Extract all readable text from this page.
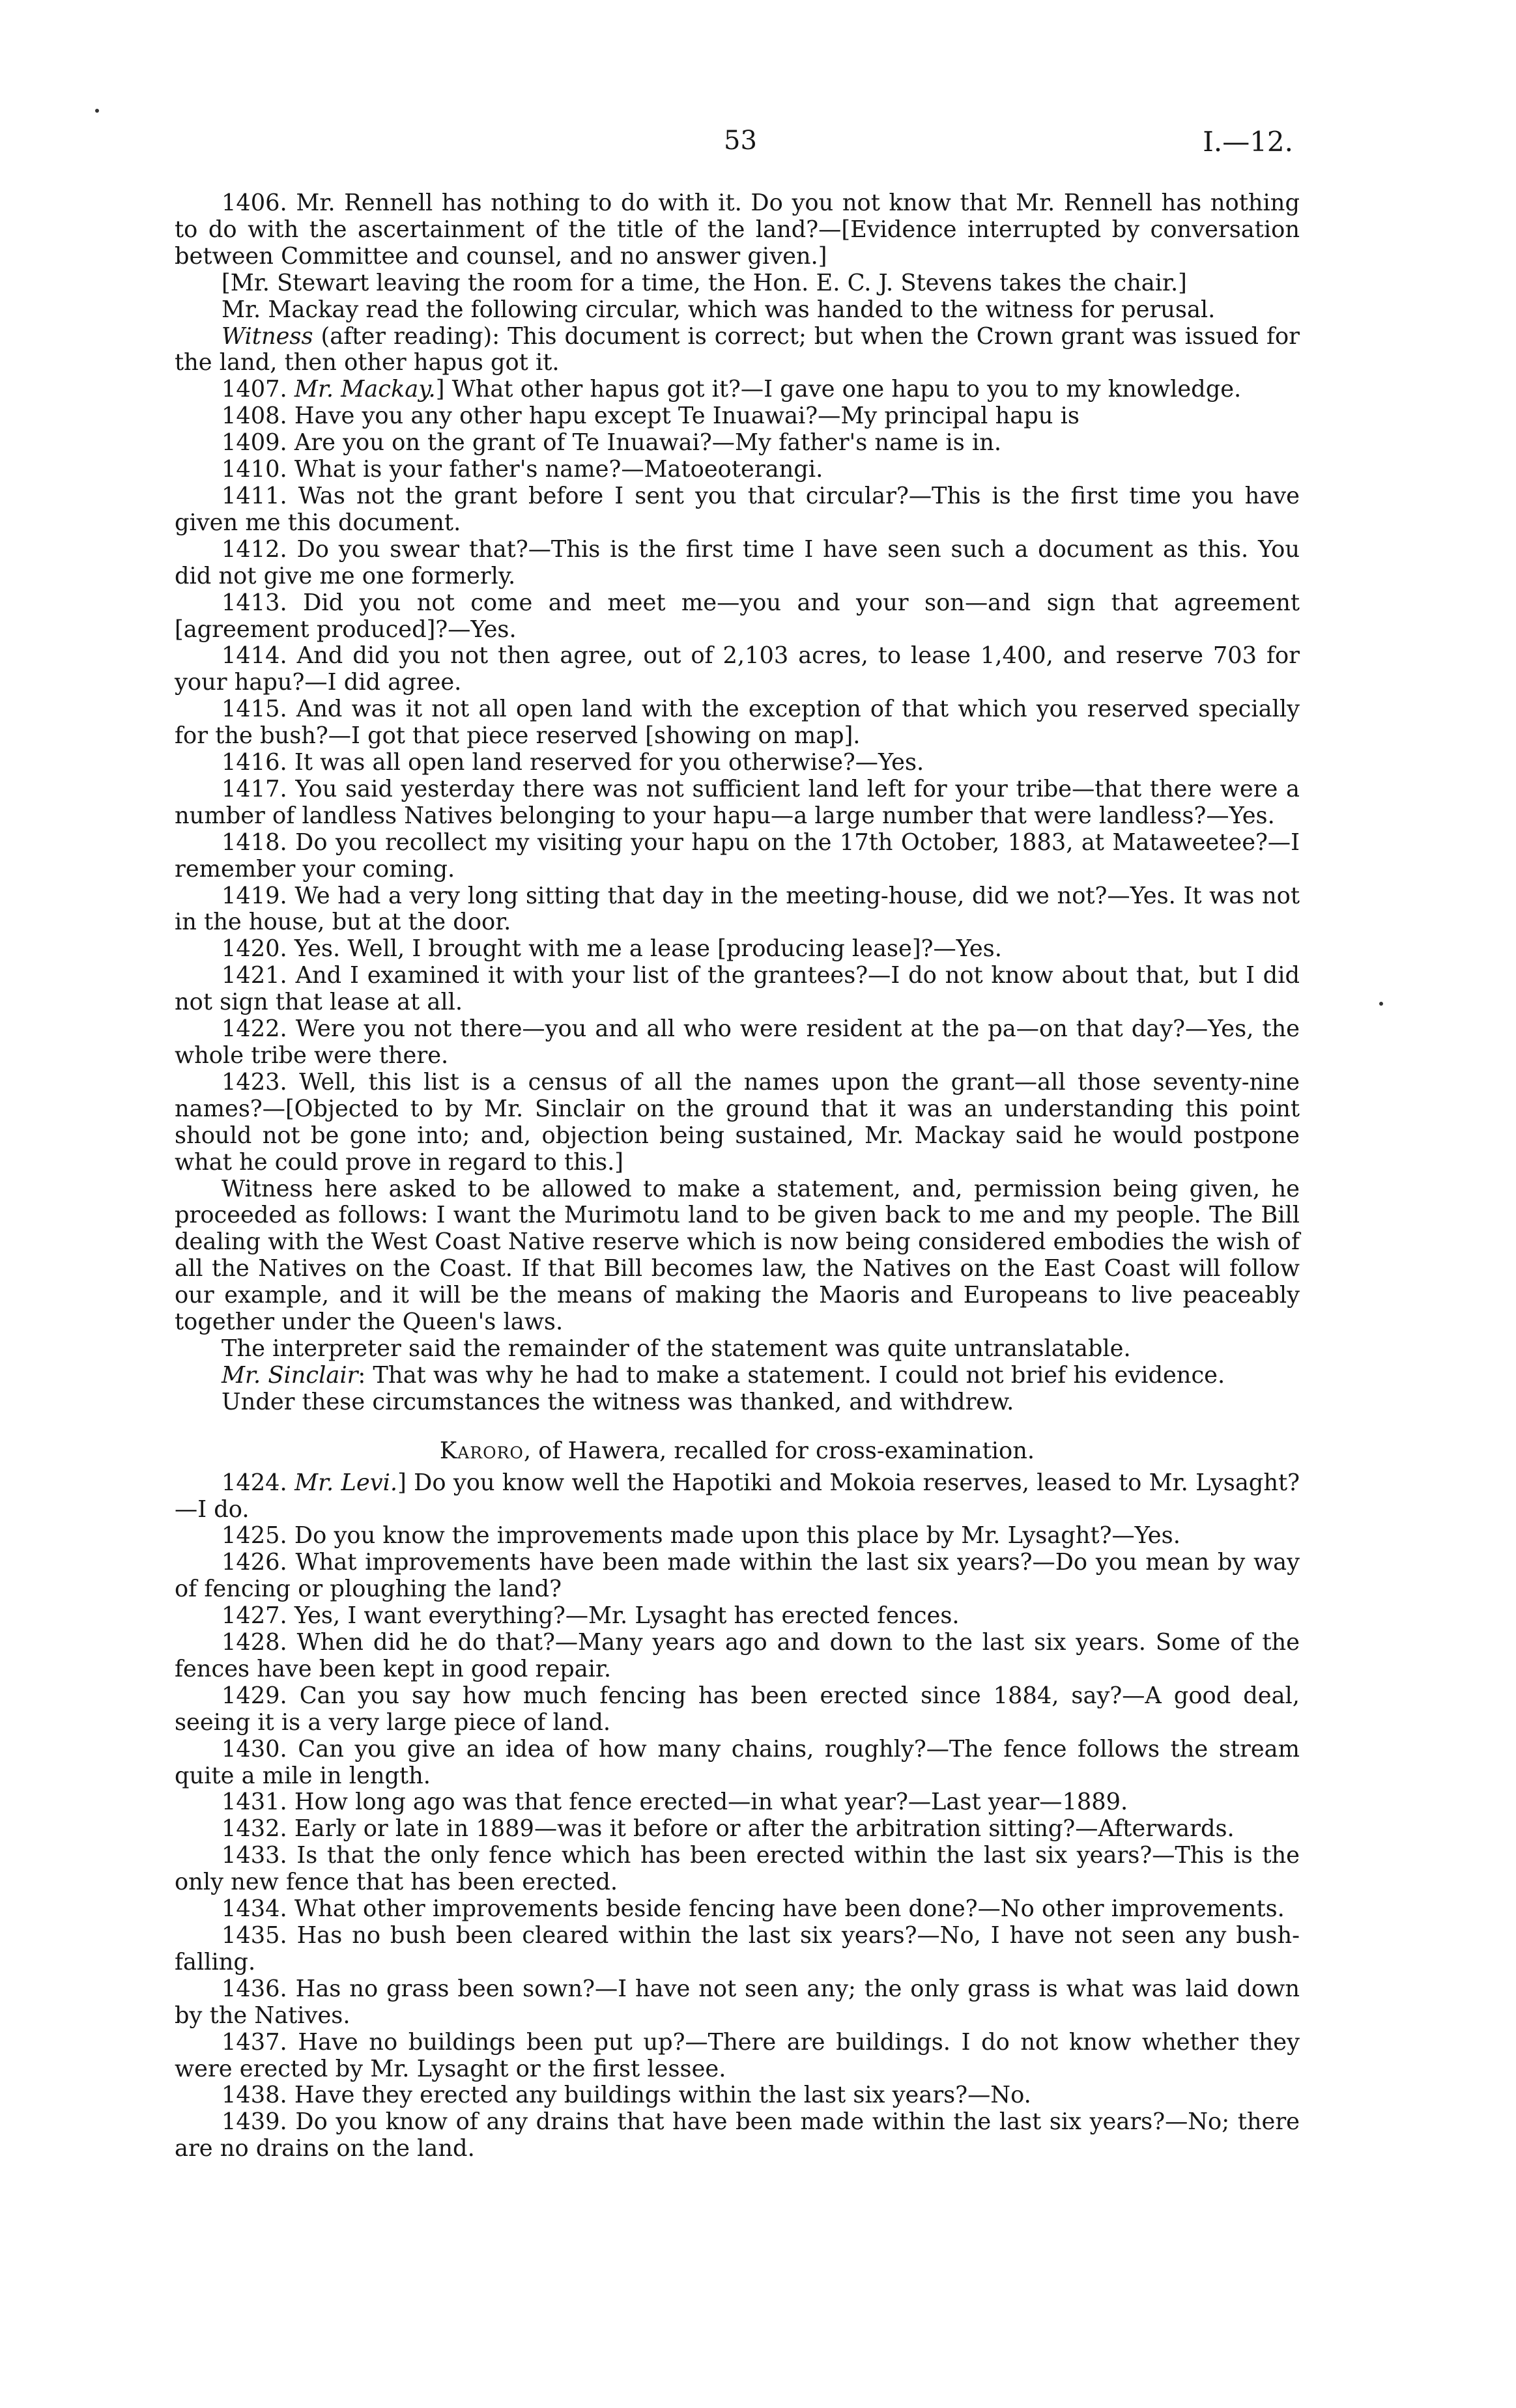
53	I.—12.

1406. Mr. Rennell has nothing to do with it. Do you not know that Mr. Rennell has nothing to do with the ascertainment of the title of the land?—[Evidence interrupted by conversation between Committee and counsel, and no answer given.]

[Mr. Stewart leaving the room for a time, the Hon. E. C. J. Stevens takes the chair.]

Mr. Mackay read the following circular, which was handed to the witness for perusal.

Witness (after reading): This document is correct; but when the Crown grant was issued for the land, then other hapus got it.

1407. Mr. Mackay.] What other hapus got it?—I gave one hapu to you to my knowledge.

1408. Have you any other hapu except Te Inuawai?—My principal hapu is

1409. Are you on the grant of Te Inuawai?—My father's name is in.

1410. What is your father's name?—Matoeoterangi.

1411. Was not the grant before I sent you that circular?—This is the first time you have given me this document.

1412. Do you swear that?—This is the first time I have seen such a document as this. You did not give me one formerly.

1413. Did you not come and meet me—you and your son—and sign that agreement [agreement produced]?—Yes.

1414. And did you not then agree, out of 2,103 acres, to lease 1,400, and reserve 703 for your hapu?—I did agree.

1415. And was it not all open land with the exception of that which you reserved specially for the bush?—I got that piece reserved [showing on map].

1416. It was all open land reserved for you otherwise?—Yes.

1417. You said yesterday there was not sufficient land left for your tribe—that there were a number of landless Natives belonging to your hapu—a large number that were landless?—Yes.

1418. Do you recollect my visiting your hapu on the 17th October, 1883, at Mataweetee?—I remember your coming.

1419. We had a very long sitting that day in the meeting-house, did we not?—Yes. It was not in the house, but at the door.

1420. Yes. Well, I brought with me a lease [producing lease]?—Yes.

1421. And I examined it with your list of the grantees?—I do not know about that, but I did not sign that lease at all.

1422. Were you not there—you and all who were resident at the pa—on that day?—Yes, the whole tribe were there.

1423. Well, this list is a census of all the names upon the grant—all those seventy-nine names?—[Objected to by Mr. Sinclair on the ground that it was an understanding this point should not be gone into; and, objection being sustained, Mr. Mackay said he would postpone what he could prove in regard to this.]

Witness here asked to be allowed to make a statement, and, permission being given, he proceeded as follows: I want the Murimotu land to be given back to me and my people. The Bill dealing with the West Coast Native reserve which is now being considered embodies the wish of all the Natives on the Coast. If that Bill becomes law, the Natives on the East Coast will follow our example, and it will be the means of making the Maoris and Europeans to live peaceably together under the Queen's laws.

The interpreter said the remainder of the statement was quite untranslatable.

Mr. Sinclair: That was why he had to make a statement. I could not brief his evidence.

Under these circumstances the witness was thanked, and withdrew.

Karoro, of Hawera, recalled for cross-examination.

1424. Mr. Levi.] Do you know well the Hapotiki and Mokoia reserves, leased to Mr. Lysaght?—I do.

1425. Do you know the improvements made upon this place by Mr. Lysaght?—Yes.

1426. What improvements have been made within the last six years?—Do you mean by way of fencing or ploughing the land?

1427. Yes, I want everything?—Mr. Lysaght has erected fences.

1428. When did he do that?—Many years ago and down to the last six years. Some of the fences have been kept in good repair.

1429. Can you say how much fencing has been erected since 1884, say?—A good deal, seeing it is a very large piece of land.

1430. Can you give an idea of how many chains, roughly?—The fence follows the stream quite a mile in length.

1431. How long ago was that fence erected—in what year?—Last year—1889.

1432. Early or late in 1889—was it before or after the arbitration sitting?—Afterwards.

1433. Is that the only fence which has been erected within the last six years?—This is the only new fence that has been erected.

1434. What other improvements beside fencing have been done?—No other improvements.

1435. Has no bush been cleared within the last six years?—No, I have not seen any bush-falling.

1436. Has no grass been sown?—I have not seen any; the only grass is what was laid down by the Natives.

1437. Have no buildings been put up?—There are buildings. I do not know whether they were erected by Mr. Lysaght or the first lessee.

1438. Have they erected any buildings within the last six years?—No.

1439. Do you know of any drains that have been made within the last six years?—No; there are no drains on the land.
